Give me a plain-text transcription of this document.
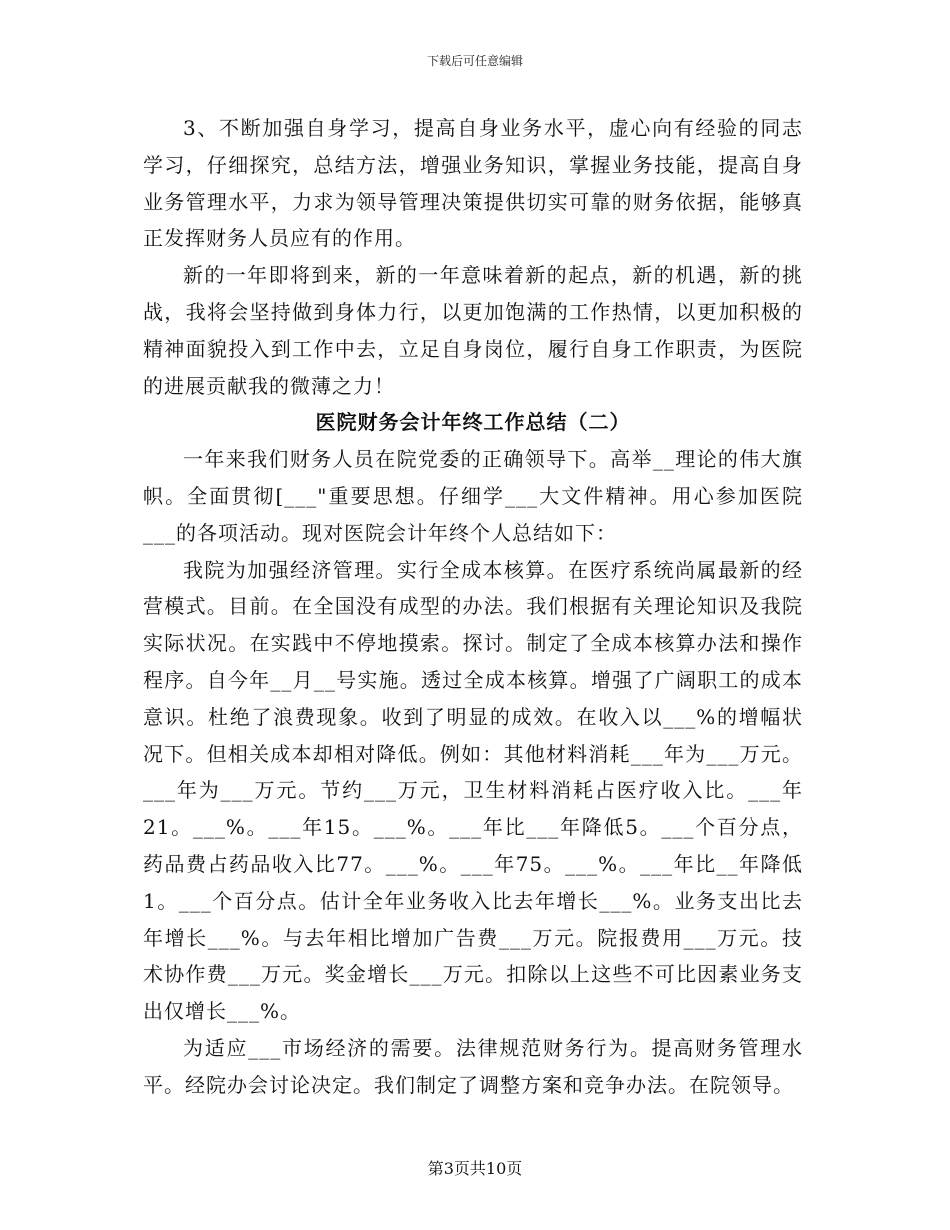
下载后可任意编辑

3、不断加强自身学习，提高自身业务水平，虚心向有经验的同志学习，仔细探究，总结方法，增强业务知识，掌握业务技能，提高自身业务管理水平，力求为领导管理决策提供切实可靠的财务依据，能够真正发挥财务人员应有的作用。

新的一年即将到来，新的一年意味着新的起点，新的机遇，新的挑战，我将会坚持做到身体力行，以更加饱满的工作热情，以更加积极的精神面貌投入到工作中去，立足自身岗位，履行自身工作职责，为医院的进展贡献我的微薄之力！

医院财务会计年终工作总结（二）

一年来我们财务人员在院党委的正确领导下。高举__理论的伟大旗帜。全面贯彻[___"重要思想。仔细学___大文件精神。用心参加医院___的各项活动。现对医院会计年终个人总结如下：

我院为加强经济管理。实行全成本核算。在医疗系统尚属最新的经营模式。目前。在全国没有成型的办法。我们根据有关理论知识及我院实际状况。在实践中不停地摸索。探讨。制定了全成本核算办法和操作程序。自今年__月__号实施。透过全成本核算。增强了广阔职工的成本意识。杜绝了浪费现象。收到了明显的成效。在收入以___%的增幅状况下。但相关成本却相对降低。例如：其他材料消耗___年为___万元。___年为___万元。节约___万元，卫生材料消耗占医疗收入比。___年21。___%。___年15。___%。___年比___年降低5。___个百分点，药品费占药品收入比77。___%。___年75。___%。___年比__年降低1。___个百分点。估计全年业务收入比去年增长___%。业务支出比去年增长___%。与去年相比增加广告费___万元。院报费用___万元。技术协作费___万元。奖金增长___万元。扣除以上这些不可比因素业务支出仅增长___%。

为适应___市场经济的需要。法律规范财务行为。提高财务管理水平。经院办会讨论决定。我们制定了调整方案和竞争办法。在院领导。

第3页共10页
